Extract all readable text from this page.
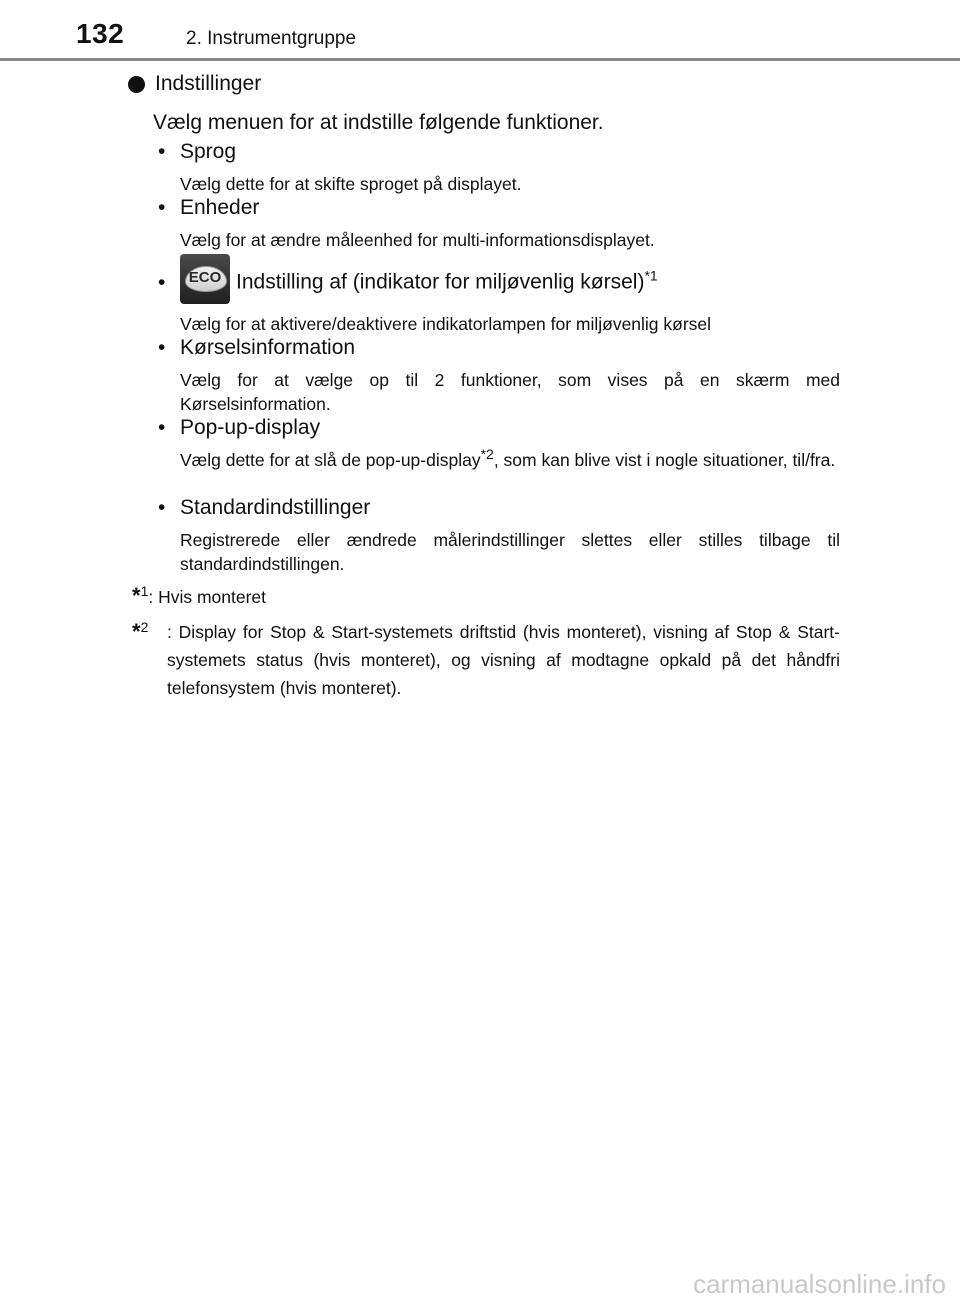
132	2. Instrumentgruppe
Indstillinger
Vælg menuen for at indstille følgende funktioner.
• Sprog
Vælg dette for at skifte sproget på displayet.
• Enheder
Vælg for at ændre måleenhed for multi-informationsdisplayet.
•	ECO Indstilling af (indikator for miljøvenlig kørsel)$^{*1}$
Vælg for at aktivere/deaktivere indikatorlampen for miljøvenlig kørsel
• Kørselsinformation
Vælg for at vælge op til 2 funktioner, som vises på en skærm med Kørselsinformation.
• Pop-up-display
Vælg dette for at slå de pop-up-display$^{*2}$, som kan blive vist i nogle situationer, til/fra.
• Standardindstillinger
Registrerede eller ændrede målerindstillinger slettes eller stilles tilbage til standardindstillingen.
*$^1$: Hvis monteret
*$^2$ : Display for Stop & Start-systemets driftstid (hvis monteret), visning af Stop & Start-systemets status (hvis monteret), og visning af modtagne opkald på det håndfri telefonsystem (hvis monteret).
carmanualsonline.info
